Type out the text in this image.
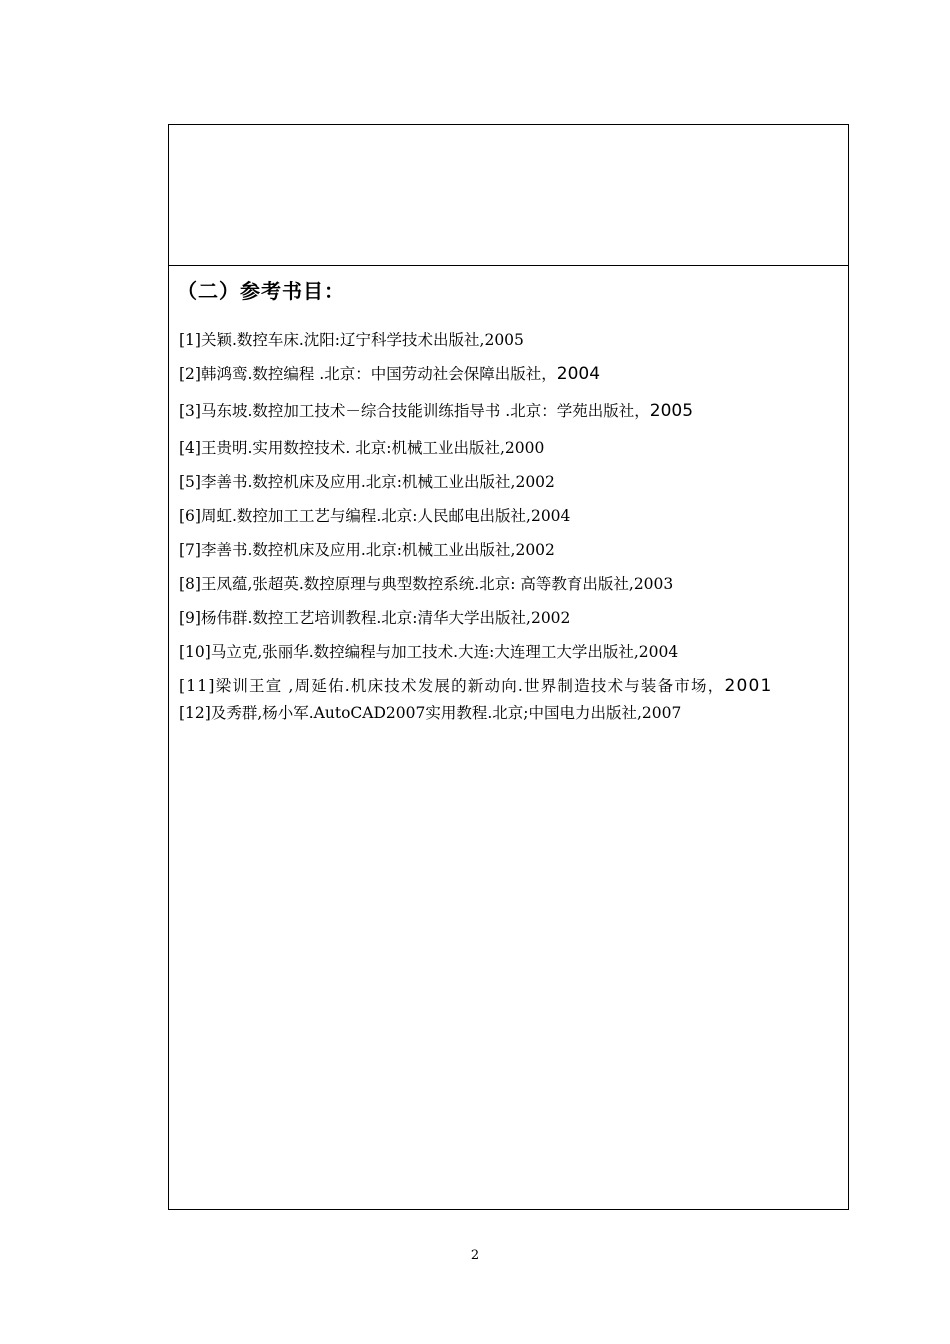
（二）参考书目：

[1]关颖.数控车床.沈阳:辽宁科学技术出版社,2005

[2]韩鸿鸾.数控编程 .北京：中国劳动社会保障出版社，2004

[3]马东坡.数控加工技术－综合技能训练指导书 .北京：学苑出版社，2005

[4]王贵明.实用数控技术. 北京:机械工业出版社,2000

[5]李善书.数控机床及应用.北京:机械工业出版社,2002

[6]周虹.数控加工工艺与编程.北京:人民邮电出版社,2004

[7]李善书.数控机床及应用.北京:机械工业出版社,2002

[8]王凤蕴,张超英.数控原理与典型数控系统.北京: 高等教育出版社,2003

[9]杨伟群.数控工艺培训教程.北京:清华大学出版社,2002

[10]马立克,张丽华.数控编程与加工技术.大连:大连理工大学出版社,2004

[11]梁训王宣 ,周延佑.机床技术发展的新动向.世界制造技术与装备市场，2001

[12]及秀群,杨小军.AutoCAD2007实用教程.北京;中国电力出版社,2007

2
